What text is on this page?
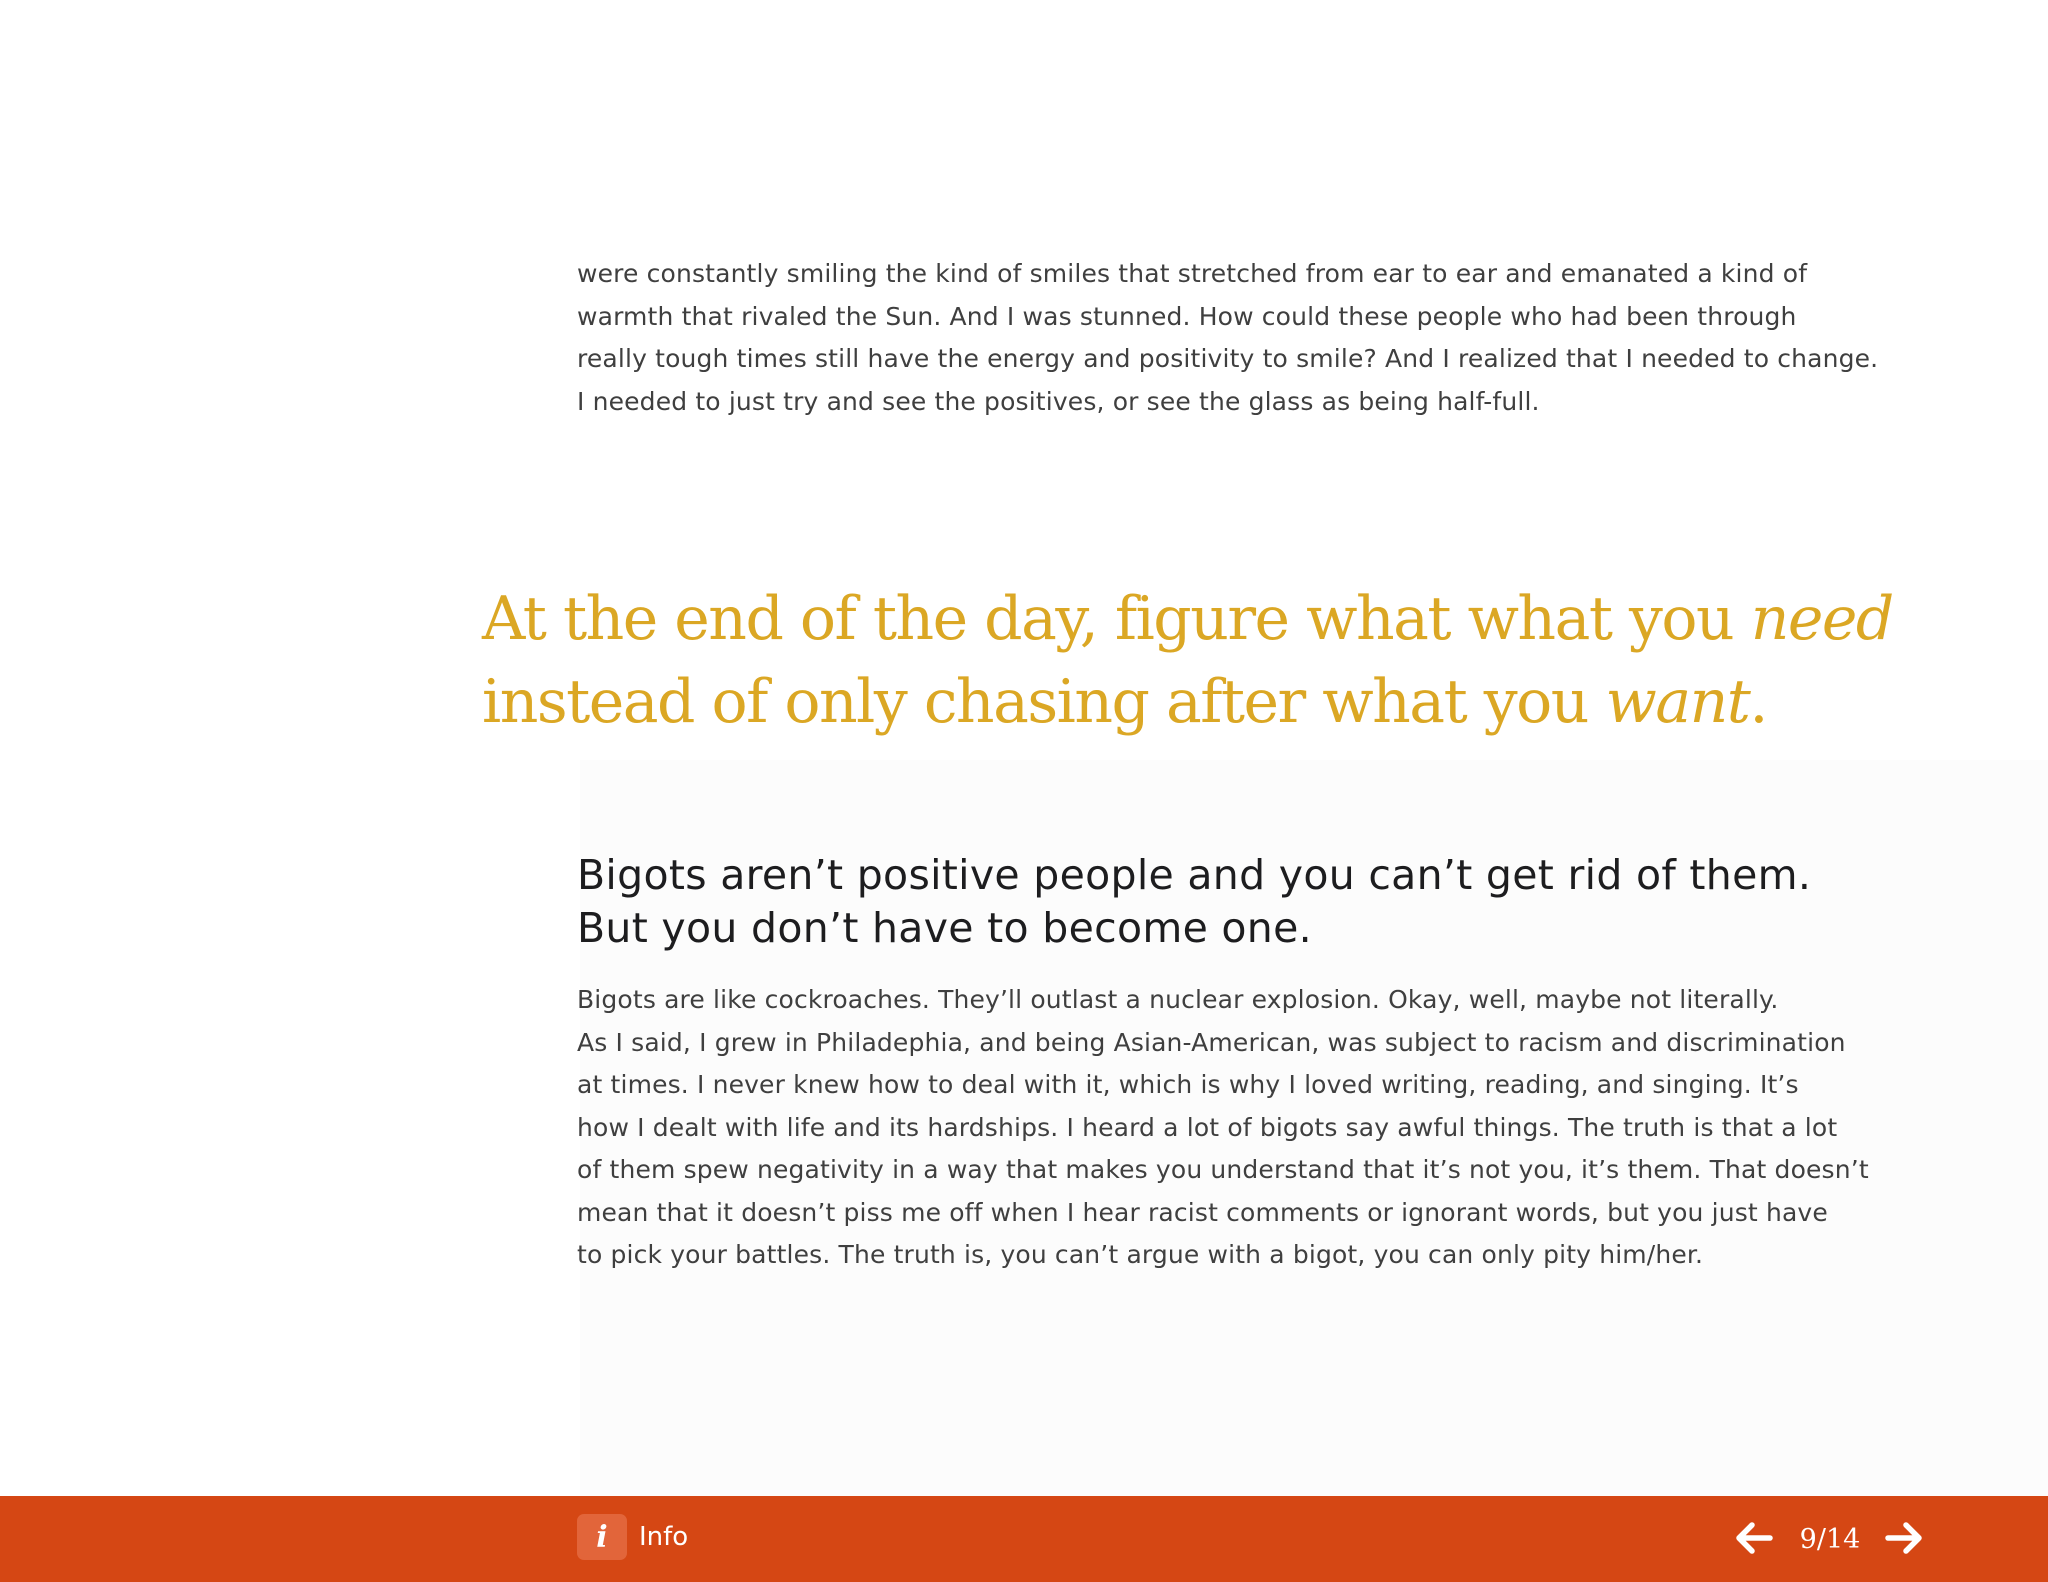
were constantly smiling the kind of smiles that stretched from ear to ear and emanated a kind of
warmth that rivaled the Sun. And I was stunned. How could these people who had been through
really tough times still have the energy and positivity to smile? And I realized that I needed to change.
I needed to just try and see the positives, or see the glass as being half-full.

At the end of the day, figure what what you need
instead of only chasing after what you want.
Bigots aren’t positive people and you can’t get rid of them.
But you don’t have to become one.

Bigots are like cockroaches. They’ll outlast a nuclear explosion. Okay, well, maybe not literally.
As I said, I grew in Philadephia, and being Asian-American, was subject to racism and discrimination
at times. I never knew how to deal with it, which is why I loved writing, reading, and singing. It’s
how I dealt with life and its hardships. I heard a lot of bigots say awful things. The truth is that a lot
of them spew negativity in a way that makes you understand that it’s not you, it’s them. That doesn’t
mean that it doesn’t piss me off when I hear racist comments or ignorant words, but you just have
to pick your battles. The truth is, you can’t argue with a bigot, you can only pity him/her.

i	Info	9/14
